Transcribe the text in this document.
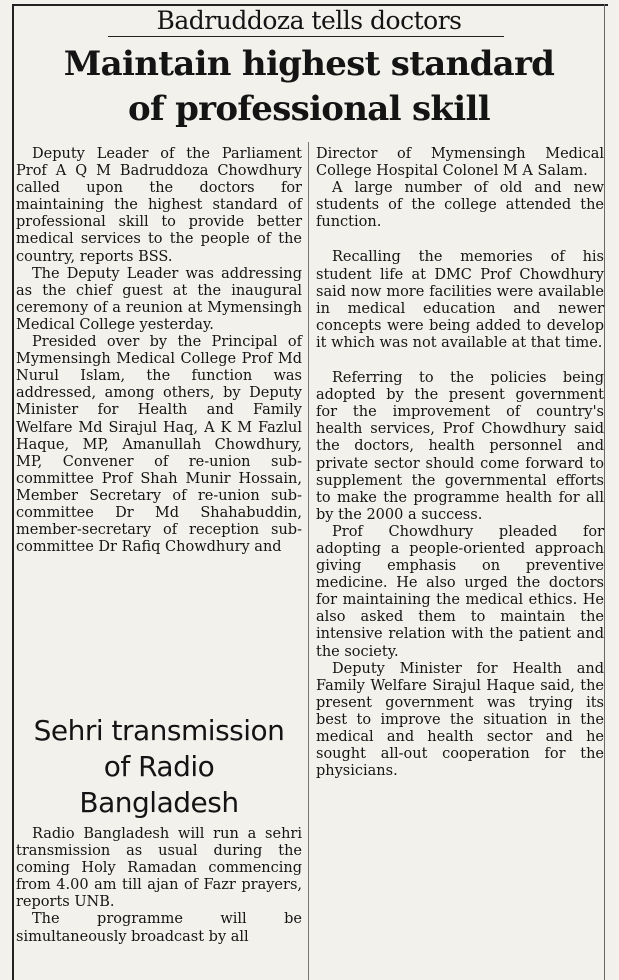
Badruddoza tells doctors
Maintain highest standard
of professional skill

Deputy Leader of the Parliament Prof A Q M Badruddoza Chowdhury called upon the doctors for maintaining the highest standard of professional skill to provide better medical services to the people of the country, reports BSS.

The Deputy Leader was addressing as the chief guest at the inaugural ceremony of a reunion at Mymensingh Medical College yesterday.

Presided over by the Principal of Mymensingh Medical College Prof Md Nurul Islam, the function was addressed, among others, by Deputy Minister for Health and Family Welfare Md Sirajul Haq, A K M Fazlul Haque, MP, Amanullah Chowdhury, MP, Convener of re-union sub-committee Prof Shah Munir Hossain, Member Secretary of re-union sub-committee Dr Md Shahabuddin, member-secretary of reception sub-committee Dr Rafiq Chowdhury and

Director of Mymensingh Medical College Hospital Colonel M A Salam.

A large number of old and new students of the college attended the function.

Recalling the memories of his student life at DMC Prof Chowdhury said now more facilities were available in medical education and newer concepts were being added to develop it which was not available at that time.

Referring to the policies being adopted by the present government for the improvement of country's health services, Prof Chowdhury said the doctors, health personnel and private sector should come forward to supplement the governmental efforts to make the programme health for all by the 2000 a success.

Prof Chowdhury pleaded for adopting a people-oriented approach giving emphasis on preventive medicine. He also urged the doctors for maintaining the medical ethics. He also asked them to maintain the intensive relation with the patient and the society.

Deputy Minister for Health and Family Welfare Sirajul Haque said, the present government was trying its best to improve the situation in the medical and health sector and he sought all-out cooperation for the physicians.

Sehri transmission
of Radio
Bangladesh

Radio Bangladesh will run a sehri transmission as usual during the coming Holy Ramadan commencing from 4.00 am till ajan of Fazr prayers, reports UNB.

The programme will be simultaneously broadcast by all
